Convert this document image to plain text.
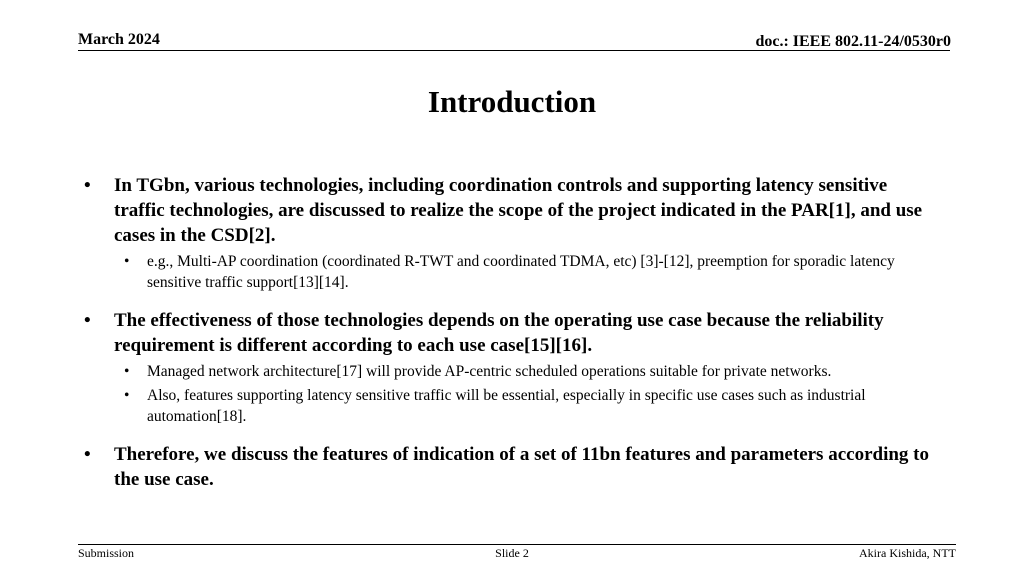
March 2024	doc.: IEEE 802.11-24/0530r0
Introduction
• In TGbn, various technologies, including coordination controls and supporting latency sensitive traffic technologies, are discussed to realize the scope of the project indicated in the PAR[1], and use cases in the CSD[2].
• e.g., Multi-AP coordination (coordinated R-TWT and coordinated TDMA, etc) [3]-[12], preemption for sporadic latency sensitive traffic support[13][14].
• The effectiveness of those technologies depends on the operating use case because the reliability requirement is different according to each use case[15][16].
• Managed network architecture[17] will provide AP-centric scheduled operations suitable for private networks.
• Also, features supporting latency sensitive traffic will be essential, especially in specific use cases such as industrial automation[18].
• Therefore, we discuss the features of indication of a set of 11bn features and parameters according to the use case.
Submission	Slide 2	Akira Kishida, NTT
